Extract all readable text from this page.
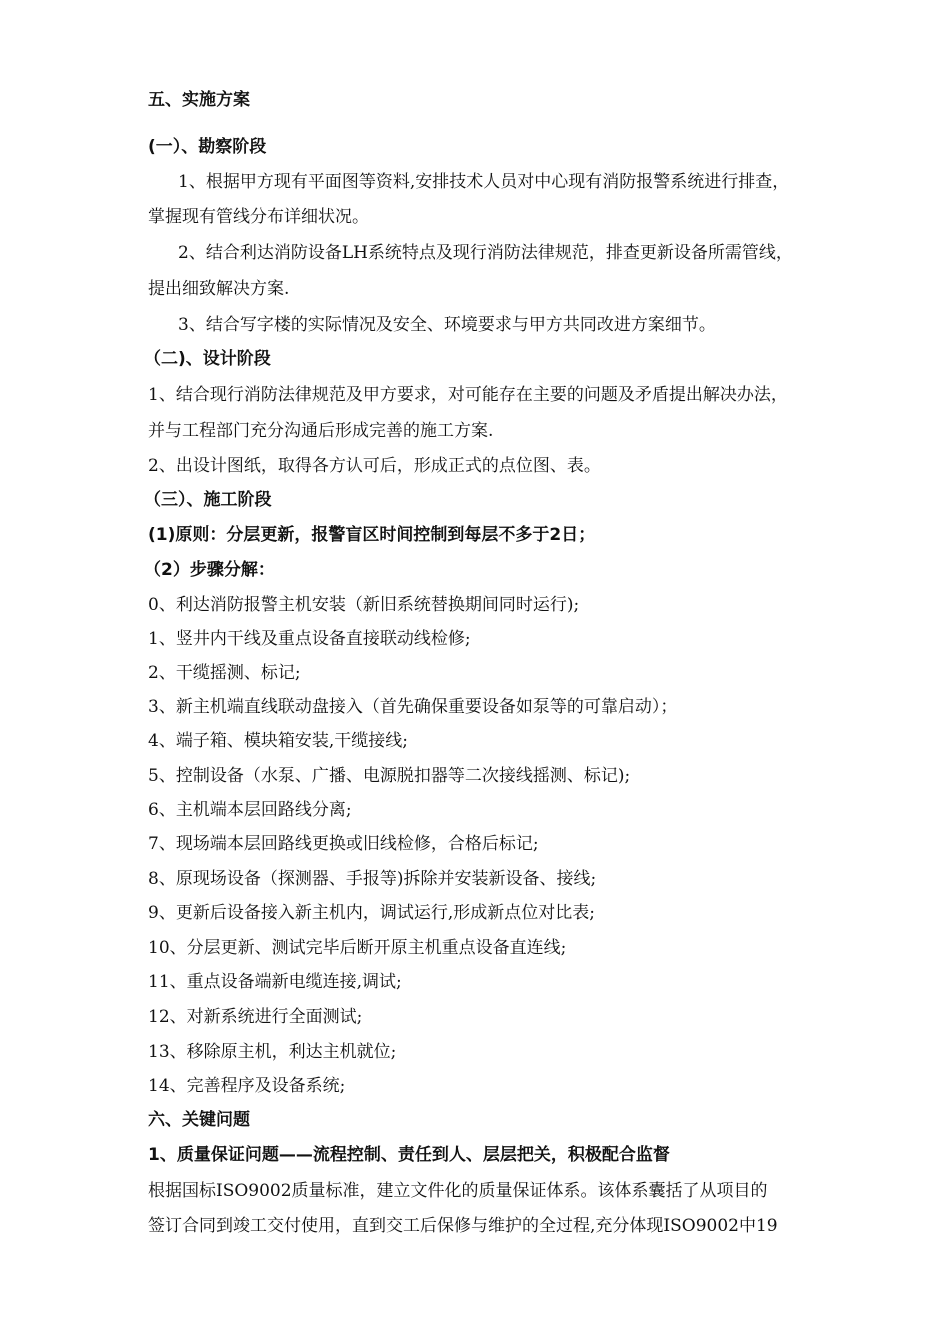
五、实施方案
(一）、勘察阶段
1、根据甲方现有平面图等资料,安排技术人员对中心现有消防报警系统进行排查，
掌握现有管线分布详细状况。
2、结合利达消防设备LH系统特点及现行消防法律规范，排查更新设备所需管线，
提出细致解决方案.
3、结合写字楼的实际情况及安全、环境要求与甲方共同改进方案细节。
（二)、设计阶段
1、结合现行消防法律规范及甲方要求，对可能存在主要的问题及矛盾提出解决办法，
并与工程部门充分沟通后形成完善的施工方案.
2、出设计图纸，取得各方认可后，形成正式的点位图、表。
（三）、施工阶段
(1)原则：分层更新，报警盲区时间控制到每层不多于2日；
（2）步骤分解：
0、利达消防报警主机安装（新旧系统替换期间同时运行);
1、竖井内干线及重点设备直接联动线检修;
2、干缆摇测、标记;
3、新主机端直线联动盘接入（首先确保重要设备如泵等的可靠启动）；
4、端子箱、模块箱安装,干缆接线;
5、控制设备（水泵、广播、电源脱扣器等二次接线摇测、标记);
6、主机端本层回路线分离;
7、现场端本层回路线更换或旧线检修，合格后标记;
8、原现场设备（探测器、手报等)拆除并安装新设备、接线;
9、更新后设备接入新主机内，调试运行,形成新点位对比表;
10、分层更新、测试完毕后断开原主机重点设备直连线;
11、重点设备端新电缆连接,调试;
12、对新系统进行全面测试;
13、移除原主机，利达主机就位;
14、完善程序及设备系统;
六、关键问题
1、质量保证问题——流程控制、责任到人、层层把关，积极配合监督
根据国标ISO9002质量标准，建立文件化的质量保证体系。该体系囊括了从项目的
签订合同到竣工交付使用，直到交工后保修与维护的全过程,充分体现ISO9002中19
